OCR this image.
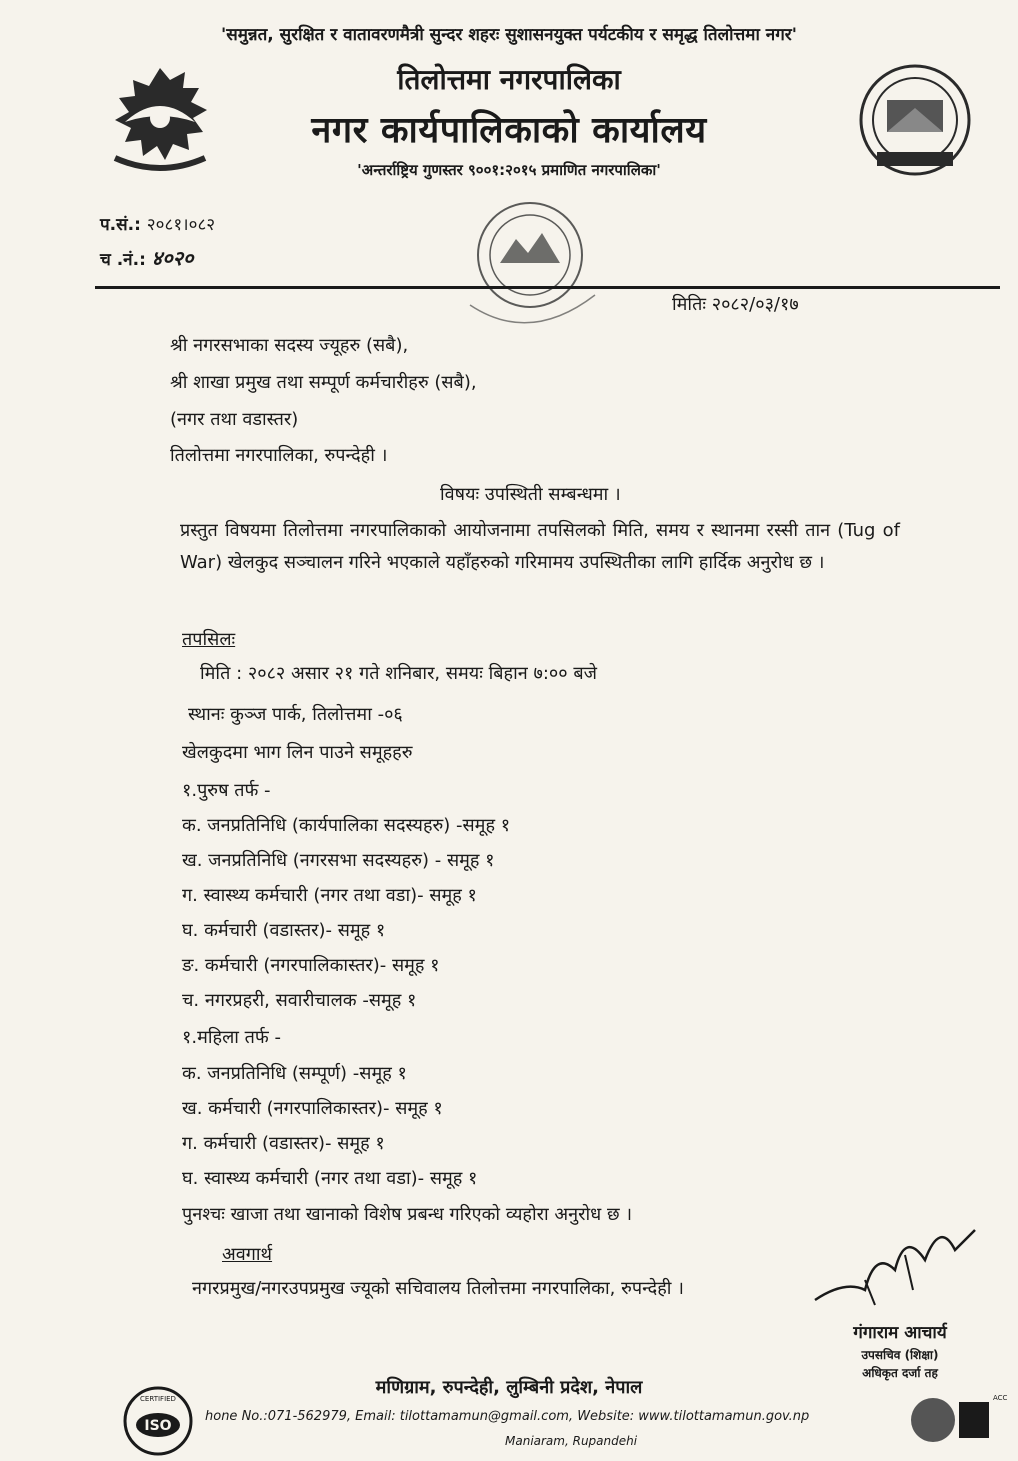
'समुन्नत, सुरक्षित र वातावरणमैत्री सुन्दर शहरः सुशासनयुक्त पर्यटकीय र समृद्ध तिलोत्तमा नगर'
तिलोत्तमा नगरपालिका
नगर कार्यपालिकाको कार्यालय
'अन्तर्राष्ट्रिय गुणस्तर ९००१:२०१५ प्रमाणित नगरपालिका'
प.सं.: २०८१।०८२
च .नं.: ४०२०
मितिः २०८२/०३/१७
श्री नगरसभाका सदस्य ज्यूहरु (सबै),
श्री शाखा प्रमुख तथा सम्पूर्ण कर्मचारीहरु (सबै),
(नगर तथा वडास्तर)
तिलोत्तमा नगरपालिका, रुपन्देही ।
विषयः उपस्थिती सम्बन्धमा ।

प्रस्तुत विषयमा तिलोत्तमा नगरपालिकाको आयोजनामा तपसिलको मिति, समय र स्थानमा रस्सी तान (Tug of War) खेलकुद सञ्चालन गरिने भएकाले यहाँहरुको गरिमामय उपस्थितीका लागि हार्दिक अनुरोध छ ।

तपसिलः
मिति : २०८२ असार २१ गते शनिबार, समयः बिहान ७:०० बजे
स्थानः कुञ्ज पार्क, तिलोत्तमा -०६
खेलकुदमा भाग लिन पाउने समूहहरु
१.पुरुष तर्फ -
क. जनप्रतिनिधि (कार्यपालिका सदस्यहरु) -समूह १
ख. जनप्रतिनिधि (नगरसभा सदस्यहरु) - समूह १
ग. स्वास्थ्य कर्मचारी (नगर तथा वडा)- समूह १
घ. कर्मचारी (वडास्तर)- समूह १
ङ. कर्मचारी (नगरपालिकास्तर)- समूह १
च. नगरप्रहरी, सवारीचालक -समूह १
१.महिला तर्फ -
क. जनप्रतिनिधि (सम्पूर्ण) -समूह १
ख. कर्मचारी (नगरपालिकास्तर)- समूह १
ग. कर्मचारी (वडास्तर)- समूह १
घ. स्वास्थ्य कर्मचारी (नगर तथा वडा)- समूह १
पुनश्चः खाजा तथा खानाको विशेष प्रबन्ध गरिएको व्यहोरा अनुरोध छ ।
अवगार्थ
नगरप्रमुख/नगरउपप्रमुख ज्यूको सचिवालय तिलोत्तमा नगरपालिका, रुपन्देही ।
गंगाराम आचार्य
उपसचिव (शिक्षा)
अधिकृत दर्जा तह
ISO
CERTIFIED
मणिग्राम, रुपन्देही, लुम्बिनी प्रदेश, नेपाल
hone No.:071-562979, Email: tilottamamun@gmail.com, Website: www.tilottamamun.gov.np
Maniaram, Rupandehi
ACC
